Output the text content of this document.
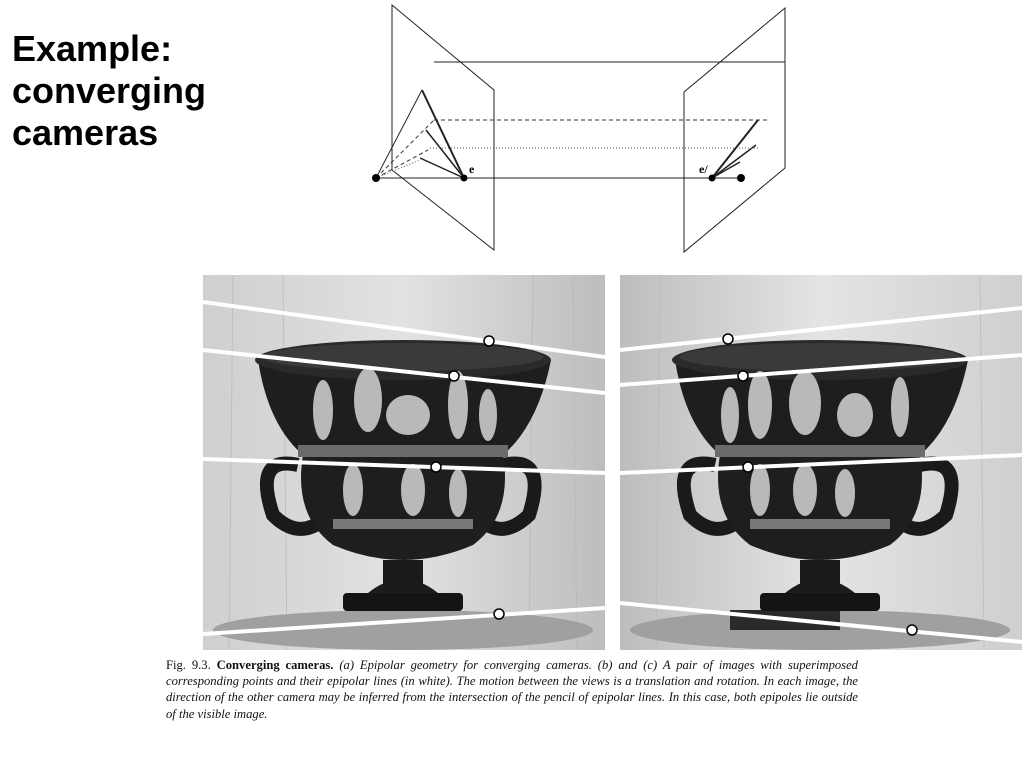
Example:
converging
cameras
e	e/
Fig. 9.3. Converging cameras. (a) Epipolar geometry for converging cameras. (b) and (c) A pair of images with superimposed corresponding points and their epipolar lines (in white). The motion between the views is a translation and rotation. In each image, the direction of the other camera may be inferred from the intersection of the pencil of epipolar lines. In this case, both epipoles lie outside of the visible image.
